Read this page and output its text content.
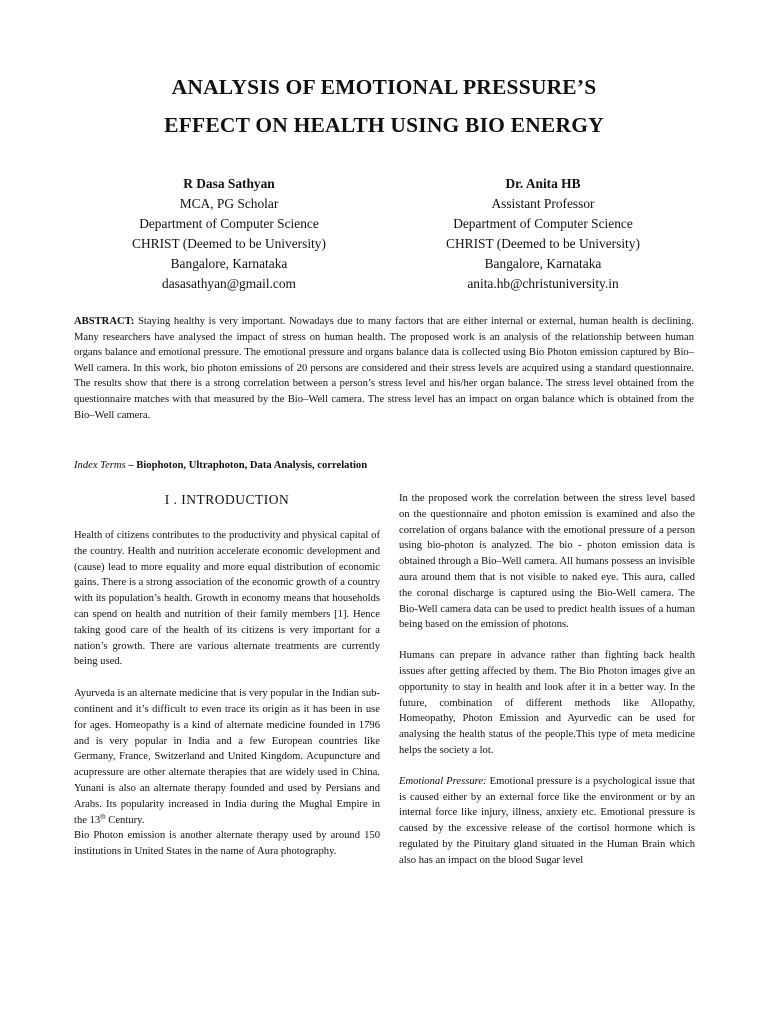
ANALYSIS OF EMOTIONAL PRESSURE’S
EFFECT ON HEALTH USING BIO ENERGY
R Dasa Sathyan
MCA, PG Scholar
Department of Computer Science
CHRIST (Deemed to be University)
Bangalore, Karnataka
dasasathyan@gmail.com
Dr. Anita HB
Assistant Professor
Department of Computer Science
CHRIST (Deemed to be University)
Bangalore, Karnataka
anita.hb@christuniversity.in
ABSTRACT: Staying healthy is very important. Nowadays due to many factors that are either internal or external, human health is declining. Many researchers have analysed the impact of stress on human health. The proposed work is an analysis of the relationship between human organs balance and emotional pressure. The emotional pressure and organs balance data is collected using Bio Photon emission captured by Bio–Well camera. In this work, bio photon emissions of 20 persons are considered and their stress levels are acquired using a standard questionnaire. The results show that there is a strong correlation between a person’s stress level and his/her organ balance. The stress level obtained from the questionnaire matches with that measured by the Bio–Well camera. The stress level has an impact on organ balance which is obtained from the Bio–Well camera.
Index Terms – Biophoton, Ultraphoton, Data Analysis, correlation
I . INTRODUCTION

Health of citizens contributes to the productivity and physical capital of the country. Health and nutrition accelerate economic development and (cause) lead to more equality and more equal distribution of economic gains. There is a strong association of the economic growth of a country with its population’s health. Growth in economy means that households can spend on health and nutrition of their family members [1]. Hence taking good care of the health of its citizens is very important for a nation’s growth. There are various alternate treatments are currently being used.

Ayurveda is an alternate medicine that is very popular in the Indian sub-continent and it’s difficult to even trace its origin as it has been in use for ages. Homeopathy is a kind of alternate medicine founded in 1796 and is very popular in India and a few European countries like Germany, France, Switzerland and United Kingdom. Acupuncture and acupressure are other alternate therapies that are widely used in China. Yunani is also an alternate therapy founded and used by Persians and Arabs. Its popularity increased in India during the Mughal Empire in the 13th Century.

Bio Photon emission is another alternate therapy used by around 150 institutions in United States in the name of Aura photography.

In the proposed work the correlation between the stress level based on the questionnaire and photon emission is examined and also the correlation of organs balance with the emotional pressure of a person using bio-photon is analyzed. The bio - photon emission data is obtained through a Bio–Well camera. All humans possess an invisible aura around them that is not visible to naked eye. This aura, called the coronal discharge is captured using the Bio-Well camera. The Bio-Well camera data can be used to predict health issues of a human being based on the emission of photons.

Humans can prepare in advance rather than fighting back health issues after getting affected by them. The Bio Photon images give an opportunity to stay in health and look after it in a better way. In the future, combination of different methods like Allopathy, Homeopathy, Photon Emission and Ayurvedic can be used for analysing the health status of the people.This type of meta medicine helps the society a lot.

Emotional Pressure: Emotional pressure is a psychological issue that is caused either by an external force like the environment or by an internal force like injury, illness, anxiety etc. Emotional pressure is caused by the excessive release of the cortisol hormone which is regulated by the Pituitary gland situated in the Human Brain which also has an impact on the blood Sugar level
